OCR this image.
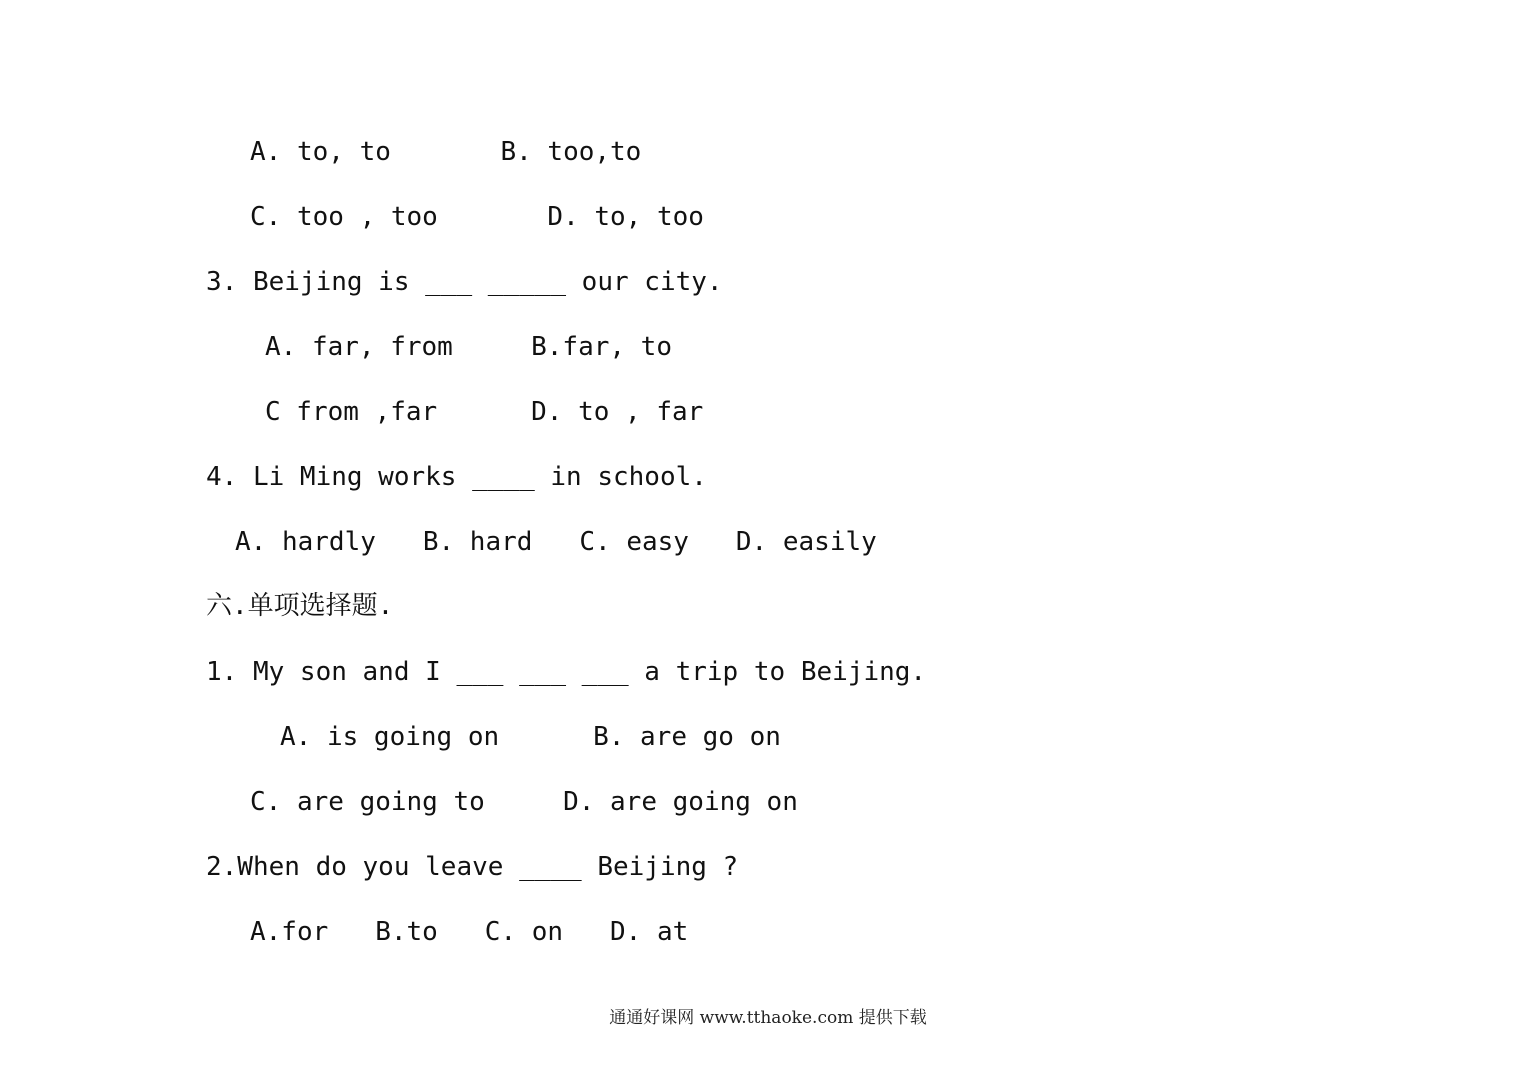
A. to, to       B. too,to
C. too , too       D. to, too
3. Beijing is ___ _____ our city.
A. far, from     B.far, to
C from ,far      D. to , far
4. Li Ming works ____ in school.
A. hardly   B. hard   C. easy   D. easily
六.单项选择题.
1. My son and I ___ ___ ___ a trip to Beijing.
A. is going on      B. are go on
C. are going to     D. are going on
2.When do you leave ____ Beijing ?
A.for   B.to   C. on   D. at
通通好课网 www.tthaoke.com 提供下载
